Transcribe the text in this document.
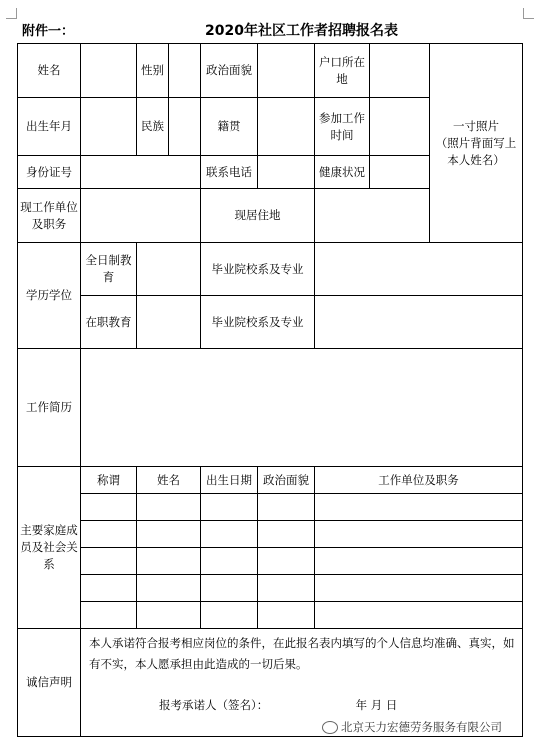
附件一：	2020年社区工作者招聘报名表
姓名		性别		政治面貌		户口所在地		一寸照片
（照片背面写上本人姓名）

出生年月		民族		籍贯		参加工作时间		
身份证号				联系电话		健康状况		
现工作单位及职务				现居住地				
学历学位	全日制教育			毕业院校系及专业				
	在职教育			毕业院校系及专业				
工作简历								
主要家庭成员及社会关系	称谓	姓名		出生日期	政治面貌	工作单位及职务		

诚信声明	本人承诺符合报考相应岗位的条件，在此报名表内填写的个人信息均准确、真实，如有不实，本人愿承担由此造成的一切后果。
报考承诺人（签名）： 年 月 日							
北京天力宏德劳务服务有限公司
